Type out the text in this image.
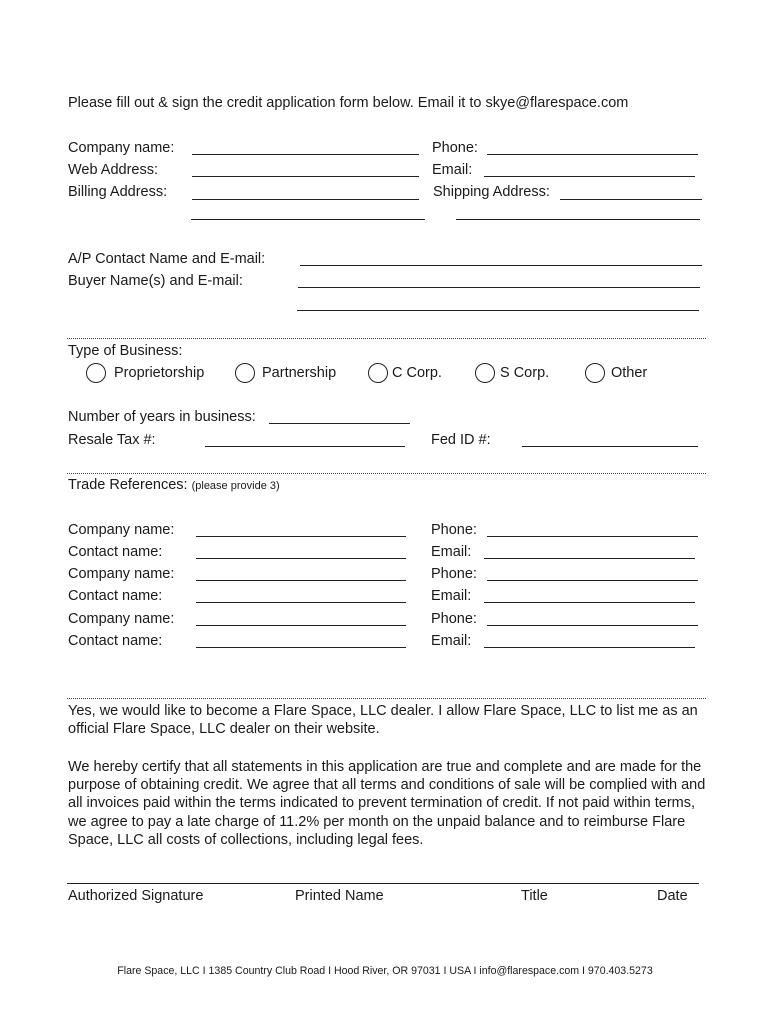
Please fill out & sign the credit application form below. Email it to skye@flarespace.com
Company name:	Phone:
Web Address:	Email:
Billing Address:	Shipping Address:
A/P Contact Name and E-mail:
Buyer Name(s) and E-mail:
Type of Business:
Proprietorship	Partnership	C Corp.	S Corp.	Other
Number of years in business:
Resale Tax #:	Fed ID #:
Trade References: (please provide 3)
Company name:	Phone:
Contact name:	Email:
Company name:	Phone:
Contact name:	Email:
Company name:	Phone:
Contact name:	Email:
Yes, we would like to become a Flare Space, LLC dealer. I allow Flare Space, LLC to list me as an official Flare Space, LLC dealer on their website.
We hereby certify that all statements in this application are true and complete and are made for the purpose of obtaining credit. We agree that all terms and conditions of sale will be complied with and all invoices paid within the terms indicated to prevent termination of credit. If not paid within terms, we agree to pay a late charge of 11.2% per month on the unpaid balance and to reimburse Flare Space, LLC all costs of collections, including legal fees.
Authorized Signature	Printed Name	Title	Date
Flare Space, LLC I 1385 Country Club Road I Hood River, OR 97031 I USA I info@flarespace.com I 970.403.5273
